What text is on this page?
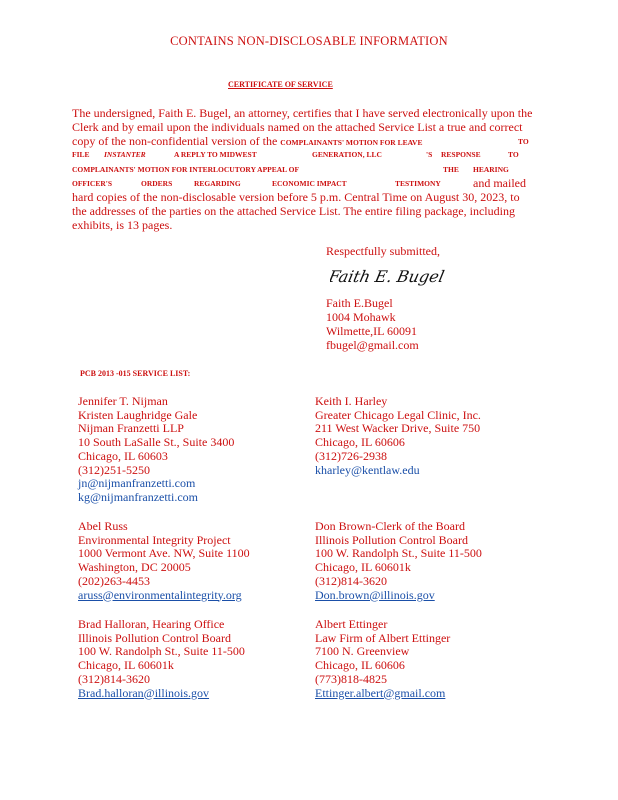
CONTAINS NON-DISCLOSABLE INFORMATION
CERTIFICATE OF SERVICE
The undersigned, Faith E. Bugel, an attorney, certifies that I have served electronically upon the
Clerk and by email upon the individuals named on the attached Service List a true and correct
copy of the non-confidential version of the COMPLAINANTS' MOTION FOR LEAVE	TO
FILE INSTANTER	A REPLY TO MIDWEST	GENERATION, LLC	'S RESPONSE	TO
COMPLAINANTS' MOTION FOR INTERLOCUTORY APPEAL OF	THE HEARING
OFFICER'S	ORDERS	REGARDING	ECONOMIC IMPACT	TESTIMONY	and mailed
hard copies of the non-disclosable version before 5 p.m. Central Time on August 30, 2023, to
the addresses of the parties on the attached Service List. The entire filing package, including
exhibits, is 13 pages.
Respectfully submitted,
Faith E. Bugel
Faith E.Bugel
1004 Mohawk
Wilmette,IL 60091
fbugel@gmail.com
PCB 2013 -015 SERVICE LIST:
Jennifer T. Nijman
Kristen Laughridge Gale
Nijman Franzetti LLP
10 South LaSalle St., Suite 3400
Chicago, IL 60603
(312)251-5250
jn@nijmanfranzetti.com
kg@nijmanfranzetti.com
Keith I. Harley
Greater Chicago Legal Clinic, Inc.
211 West Wacker Drive, Suite 750
Chicago, IL 60606
(312)726-2938
kharley@kentlaw.edu
Abel Russ
Environmental Integrity Project
1000 Vermont Ave. NW, Suite 1100
Washington, DC 20005
(202)263-4453
aruss@environmentalintegrity.org
Don Brown-Clerk of the Board
Illinois Pollution Control Board
100 W. Randolph St., Suite 11-500
Chicago, IL 60601k
(312)814-3620
Don.brown@illinois.gov
Brad Halloran, Hearing Office
Illinois Pollution Control Board
100 W. Randolph St., Suite 11-500
Chicago, IL 60601k
(312)814-3620
Brad.halloran@illinois.gov
Albert Ettinger
Law Firm of Albert Ettinger
7100 N. Greenview
Chicago, IL 60606
(773)818-4825
Ettinger.albert@gmail.com
